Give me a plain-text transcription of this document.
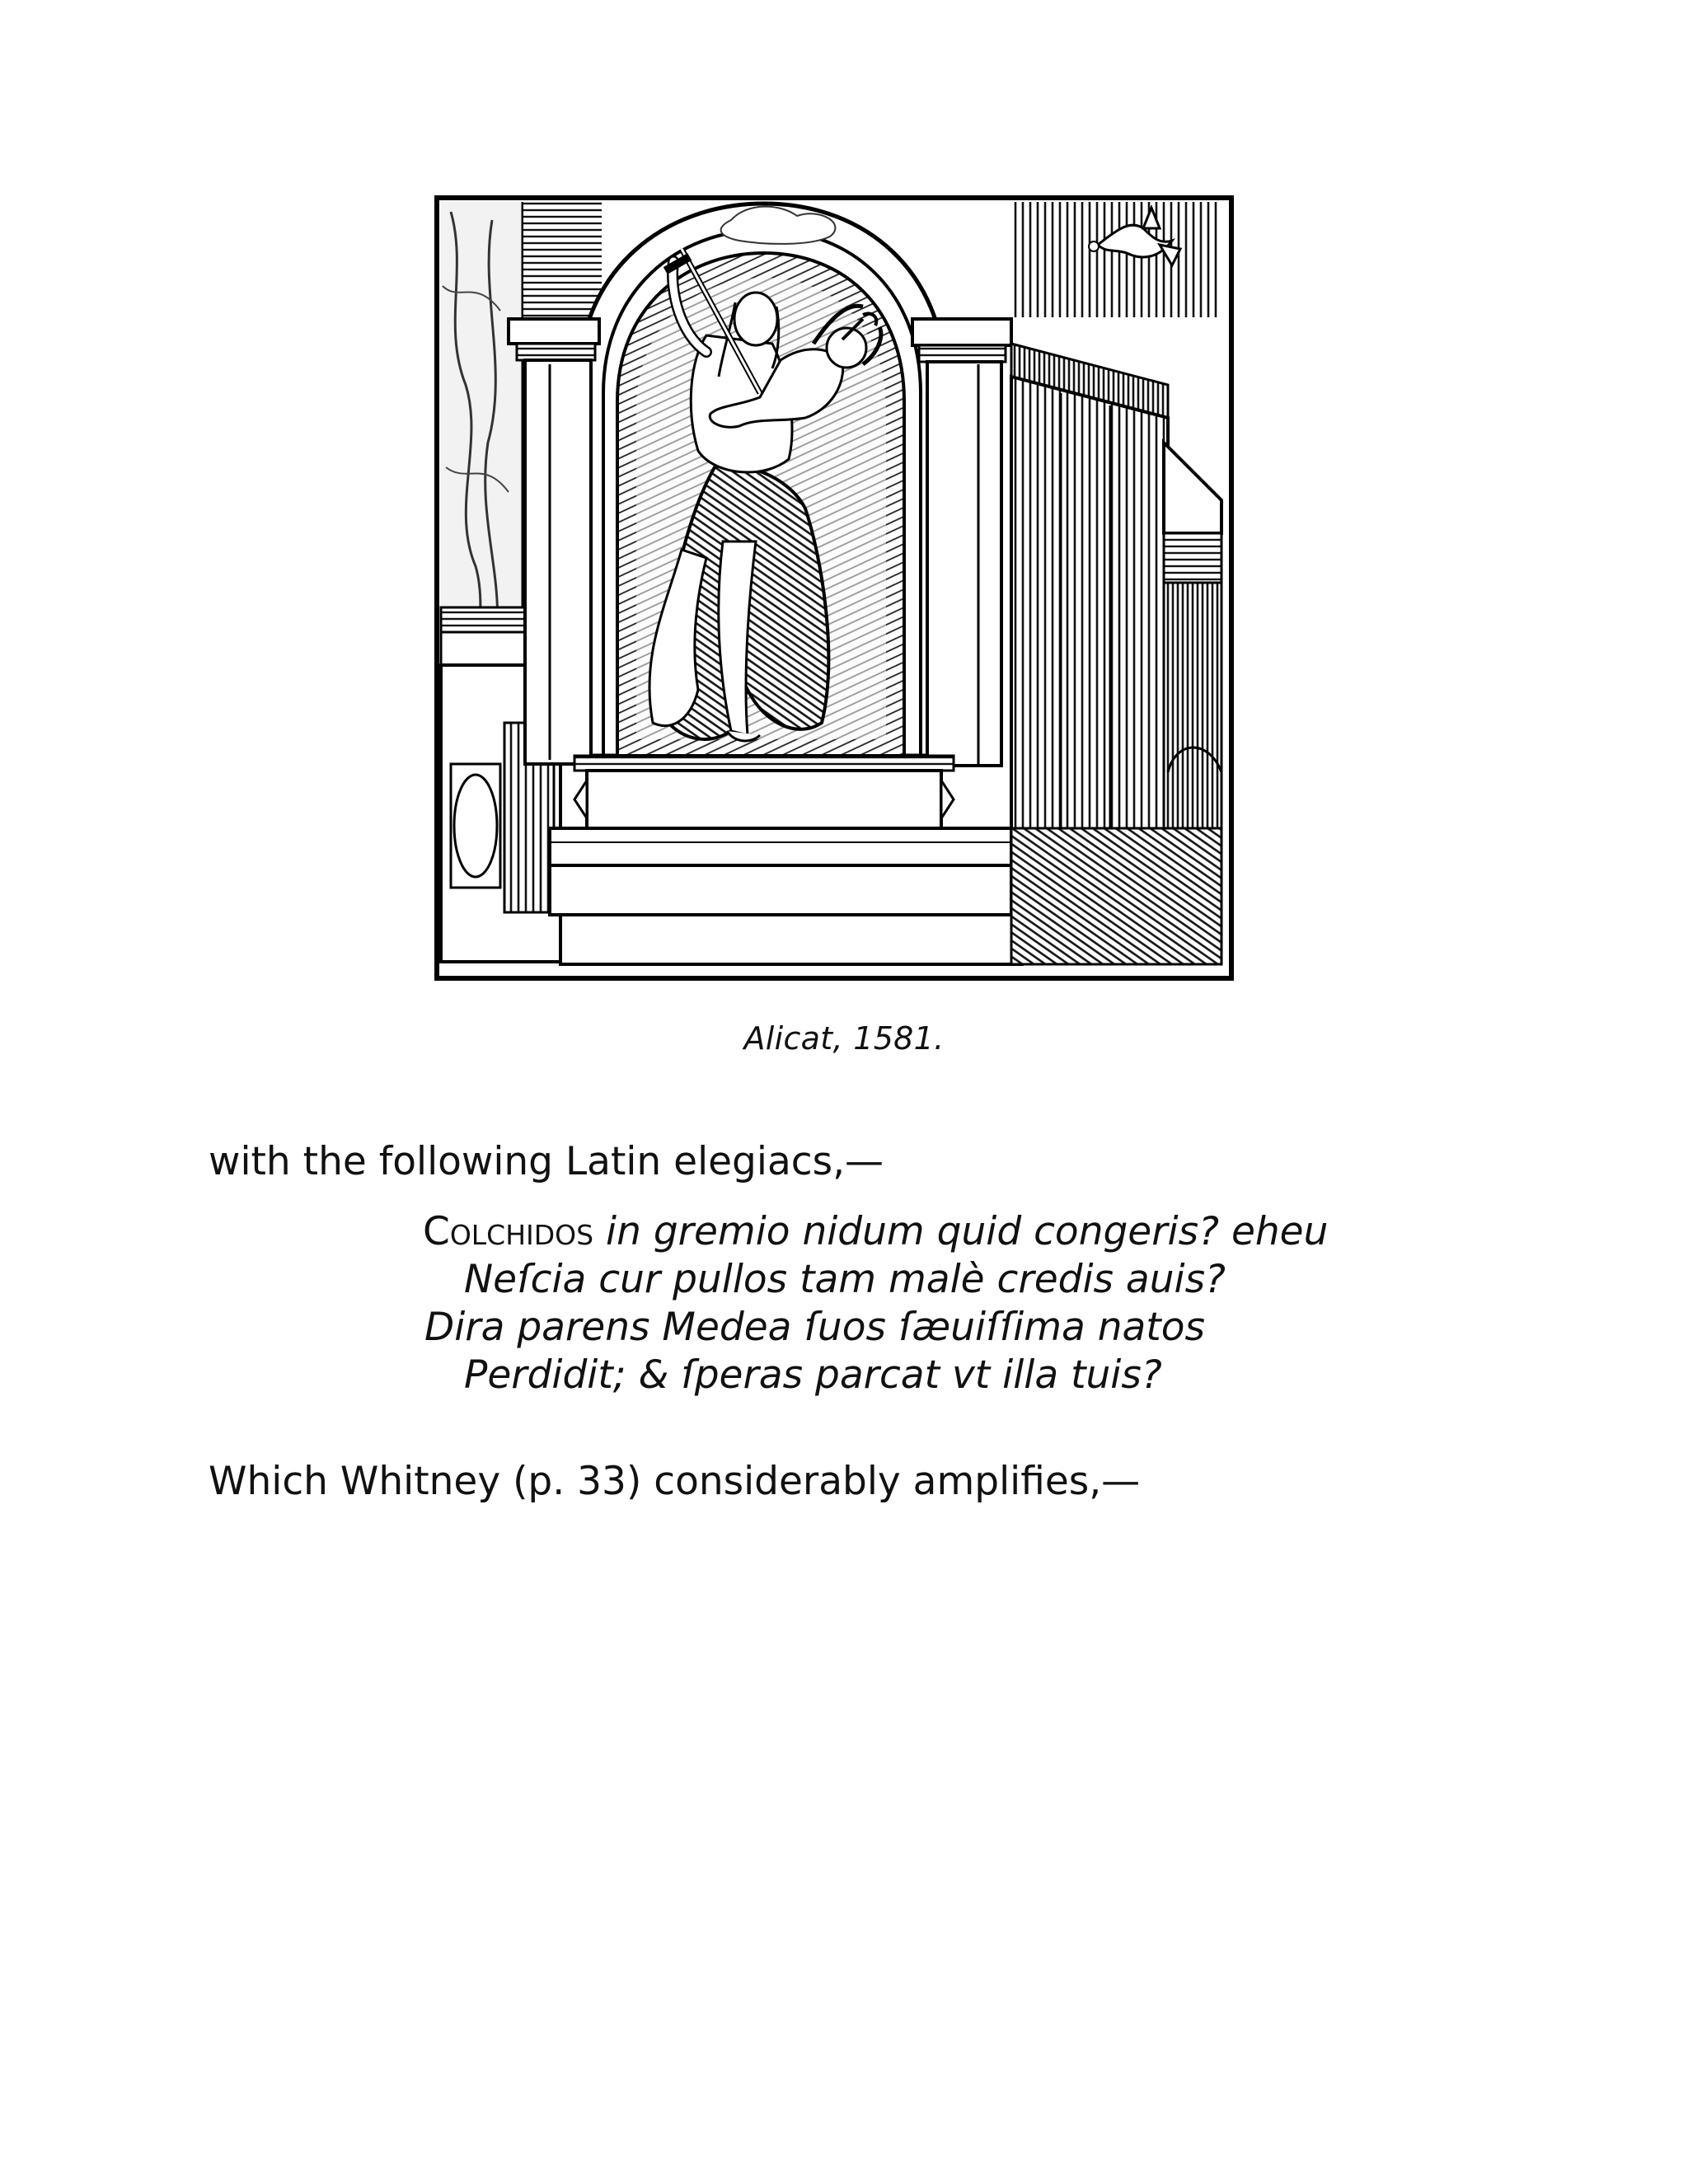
Alicat, 1581.
with the following Latin elegiacs,—
Colchidos in gremio nidum quid congeris? eheu
Neſcia cur pullos tam malè credis auis?
Dira parens Medea ſuos ſæuiſſima natos
Perdidit; & ſperas parcat vt illa tuis?
Which Whitney (p. 33) considerably amplifies,—
